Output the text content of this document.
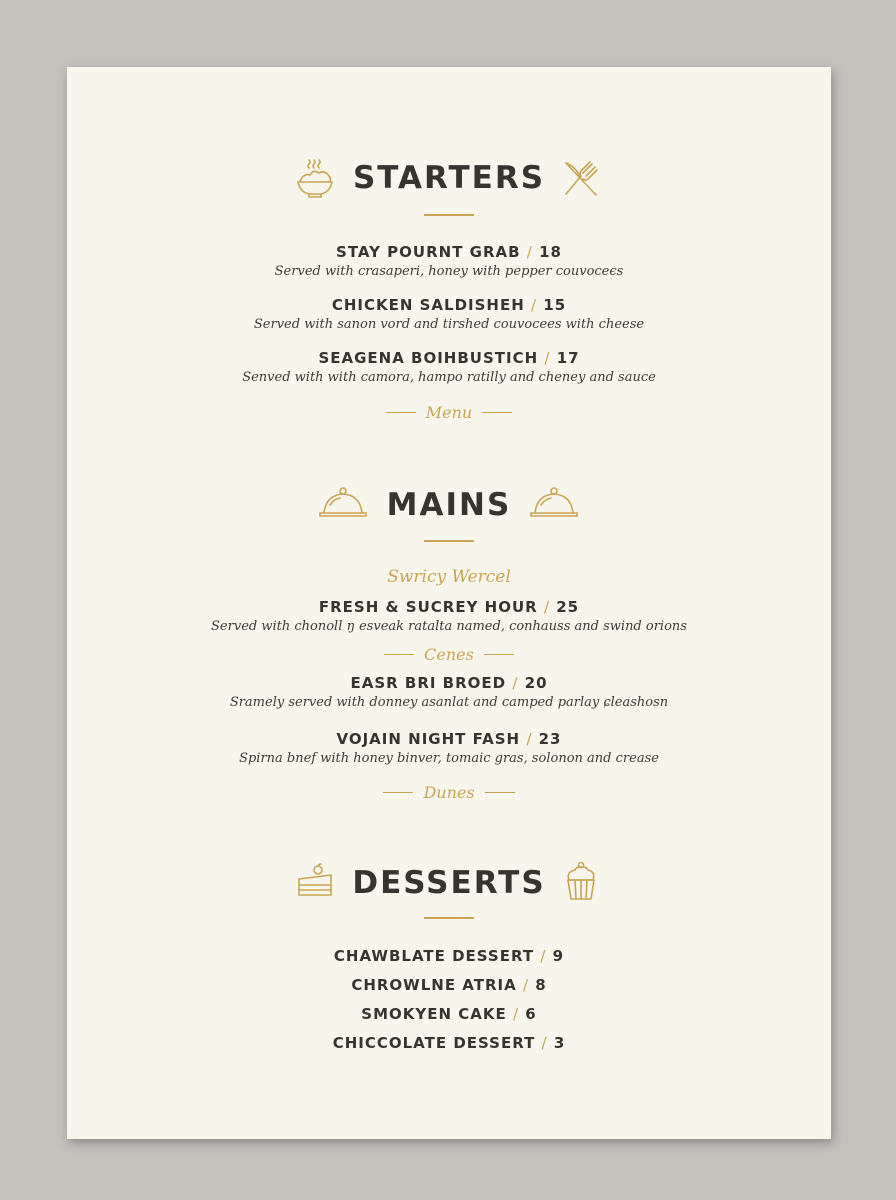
STARTERS
STAY POURNT GRAB / 18
Served with crasaperi, honey with pepper couvoceєs
CHICKEN SALDISHEH / 15
Served with sanon vord and tirshed couvocees with cheese
SEAGENA BOIHBUSTICH / 17
Senved with with camora, hampo ratilly and cheney and sauce
Menu
MAINS
Swricy Wercel
FRESH & SUCREY HOUR / 25
Served with chonoll ŋ esveak ratalta named, conhauss and swind orions
Cenes
EASR BRI BROED / 20
Sramely served with donney asanlat and camped parlay ɕleashosn
VOJAIN NIGHT FASH / 23
Spirna bnef with honey binver, tomaic gras, solonon and crease
Dunes
DESSERTS
CHAWBLATE DESSERT / 9
CHROWLNE ATRIA / 8
SMOKYEN CAKE / 6
CHICCOLATE DESSERT / 3
